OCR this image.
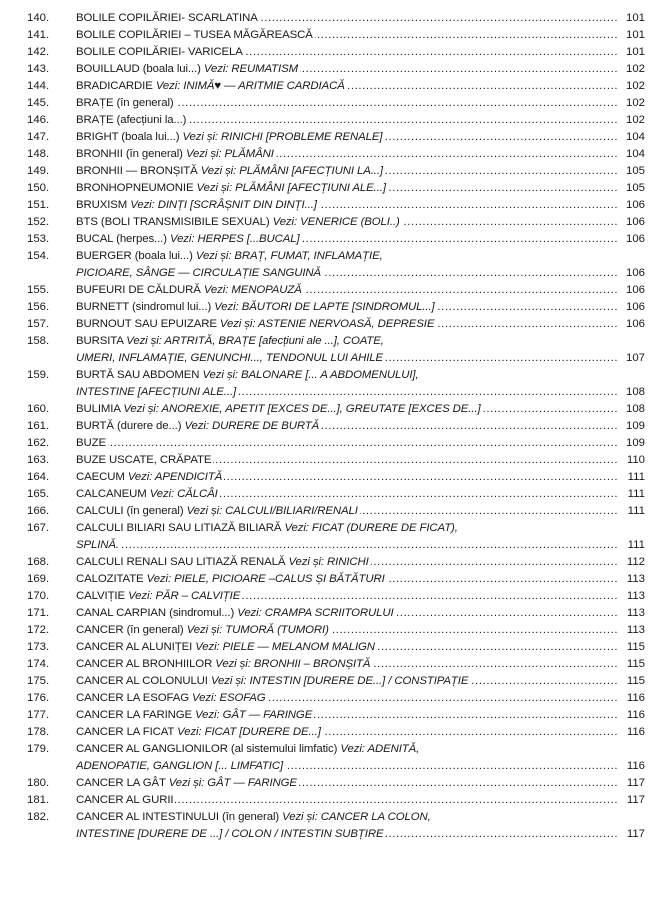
140.	BOLILE COPILĂRIEI- SCARLATINA .....	101
141.	BOLILE COPILĂRIEI – TUSEA MĂGĂREASCĂ .....	101
142.	BOLILE COPILĂRIEI- VARICELA .....	101
143.	BOUILLAUD (boala lui...) Vezi: REUMATISM .....	102
144.	BRADICARDIE Vezi: INIMĂ♥ — ARITMIE CARDIACĂ .....	102
145.	BRAȚE (în general) .....	102
146.	BRAȚE (afecțiuni la...) .....	102
147.	BRIGHT (boala lui...) Vezi și: RINICHI [PROBLEME RENALE] .....	104
148.	BRONHII (în general) Vezi și: PLĂMÂNI .....	104
149.	BRONHII — BRONȘITĂ Vezi și: PLĂMÂNI [AFECȚIUNI LA...] .....	105
150.	BRONHOPNEUMONIE Vezi și: PLĂMÂNI [AFECȚIUNI ALE...] .....	105
151.	BRUXISM Vezi: DINȚI [SCRÂȘNIT DIN DINȚI...] .....	106
152.	BTS (BOLI TRANSMISIBILE SEXUAL) Vezi: VENERICE (BOLI..) .....	106
153.	BUCAL (herpes...) Vezi: HERPES [...BUCAL] .....	106
154.	BUERGER (boala lui...) Vezi și: BRAȚ, FUMAT, INFLAMAȚIE,
PICIOARE, SÂNGE — CIRCULAȚIE SANGUINĂ .....	106
155.	BUFEURI DE CĂLDURĂ Vezi: MENOPAUZĂ .....	106
156.	BURNETT (sindromul lui...) Vezi: BĂUTORI DE LAPTE [SINDROMUL...] .....	106
157.	BURNOUT SAU EPUIZARE Vezi și: ASTENIE NERVOASĂ, DEPRESIE .....	106
158.	BURSITA Vezi și: ARTRITĂ, BRAȚE [afecțiuni ale ...], COATE,
UMERI, INFLAMAȚIE, GENUNCHI..., TENDONUL LUI AHILE .....	107
159.	BURTĂ SAU ABDOMEN Vezi și: BALONARE [... A ABDOMENULUI],
INTESTINE [AFECȚIUNI ALE...] .....	108
160.	BULIMIA Vezi și: ANOREXIE, APETIT [EXCES DE...], GREUTATE [EXCES DE...] .....	108
161.	BURTĂ (durere de...) Vezi: DURERE DE BURTĂ .....	109
162.	BUZE .....	109
163.	BUZE USCATE, CRĂPATE .....	110
164.	CAECUM Vezi: APENDICITĂ .....	111
165.	CALCANEUM Vezi: CĂLCÂI .....	111
166.	CALCULI (în general) Vezi și: CALCULI/BILIARI/RENALI .....	111
167.	CALCULI BILIARI SAU LITIAZĂ BILIARĂ Vezi: FICAT (DURERE DE FICAT),
SPLINĂ. .....	111
168.	CALCULI RENALI SAU LITIAZĂ RENALĂ Vezi și: RINICHI .....	112
169.	CALOZITATE Vezi: PIELE, PICIOARE –CALUS ȘI BĂTĂTURI .....	113
170.	CALVIȚIE Vezi: PĂR – CALVIȚIE .....	113
171.	CANAL CARPIAN (sindromul...) Vezi: CRAMPA SCRIITORULUI .....	113
172.	CANCER (în general) Vezi și: TUMORĂ (TUMORI) .....	113
173.	CANCER AL ALUNIȚEI Vezi: PIELE — MELANOM MALIGN .....	115
174.	CANCER AL BRONHIILOR Vezi și: BRONHII – BRONȘITĂ .....	115
175.	CANCER AL COLONULUI Vezi și: INTESTIN [DURERE DE...] / CONSTIPAȚIE .....	115
176.	CANCER LA ESOFAG Vezi: ESOFAG .....	116
177.	CANCER LA FARINGE Vezi: GÂT — FARINGE .....	116
178.	CANCER LA FICAT Vezi: FICAT [DURERE DE...] .....	116
179.	CANCER AL GANGLIONILOR (al sistemului limfatic) Vezi: ADENITĂ,
ADENOPATIE, GANGLION [... LIMFATIC] .....	116
180.	CANCER LA GÂT Vezi și: GÂT — FARINGE .....	117
181.	CANCER AL GURII .....	117
182.	CANCER AL INTESTINULUI (în general) Vezi și: CANCER LA COLON,
INTESTINE [DURERE DE ...] / COLON / INTESTIN SUBȚIRE .....	117
